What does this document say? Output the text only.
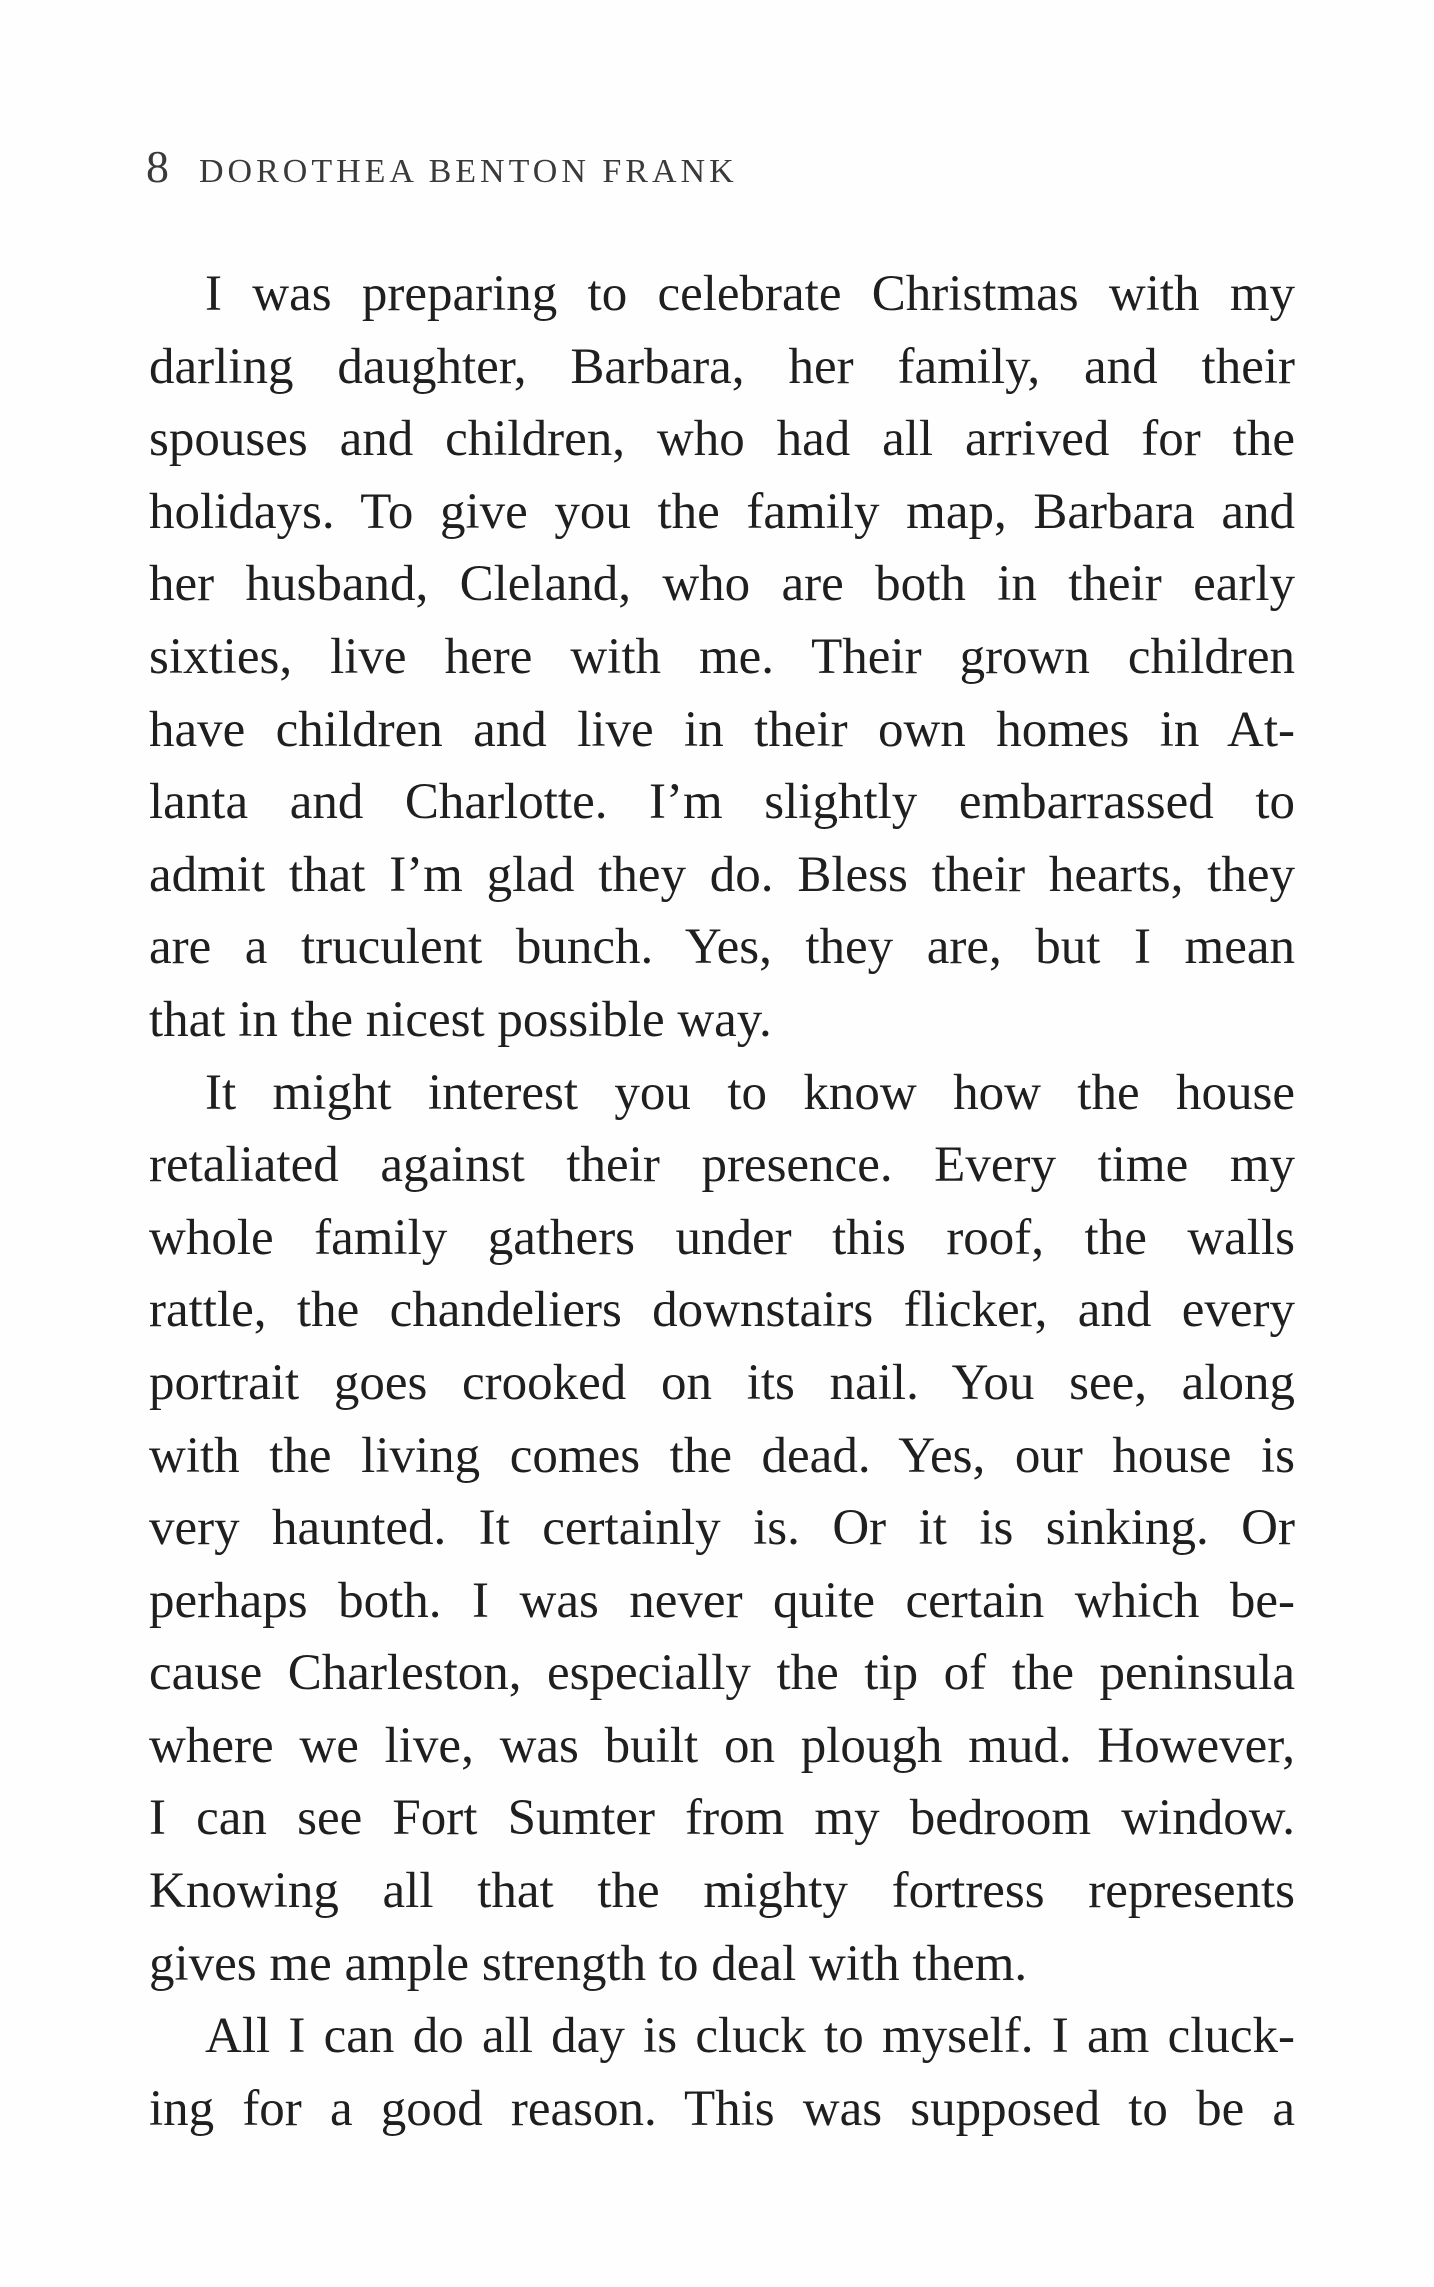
8 DOROTHEA BENTON FRANK
I was preparing to celebrate Christmas with my
darling daughter, Barbara, her family, and their
spouses and children, who had all arrived for the
holidays. To give you the family map, Barbara and
her husband, Cleland, who are both in their early
sixties, live here with me. Their grown children
have children and live in their own homes in At-
lanta and Charlotte. I’m slightly embarrassed to
admit that I’m glad they do. Bless their hearts, they
are a truculent bunch. Yes, they are, but I mean
that in the nicest possible way.
It might interest you to know how the house
retaliated against their presence. Every time my
whole family gathers under this roof, the walls
rattle, the chandeliers downstairs flicker, and every
portrait goes crooked on its nail. You see, along
with the living comes the dead. Yes, our house is
very haunted. It certainly is. Or it is sinking. Or
perhaps both. I was never quite certain which be-
cause Charleston, especially the tip of the peninsula
where we live, was built on plough mud. However,
I can see Fort Sumter from my bedroom window.
Knowing all that the mighty fortress represents
gives me ample strength to deal with them.
All I can do all day is cluck to myself. I am cluck-
ing for a good reason. This was supposed to be a
